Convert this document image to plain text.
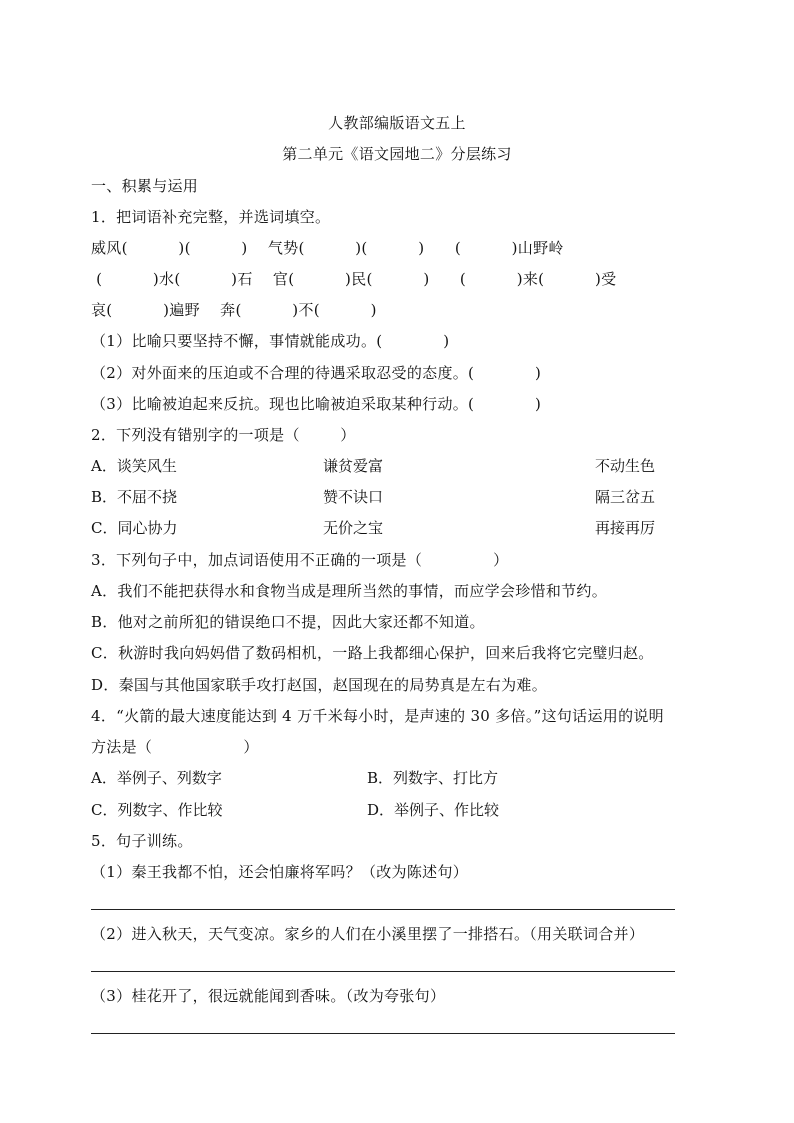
人教部编版语文五上
第二单元《语文园地二》分层练习
一、积累与运用
1．把词语补充完整，并选词填空。
威风(          )(          )    气势(          )(          )      (          )山野岭
(          )水(          )石    官(          )民(          )      (          )来(          )受
哀(          )遍野    奔(          )不(          )
（1）比喻只要坚持不懈，事情就能成功。(            )
（2）对外面来的压迫或不合理的待遇采取忍受的态度。(            )
（3）比喻被迫起来反抗。现也比喻被迫采取某种行动。(            )
2．下列没有错别字的一项是（        ）
A．谈笑风生	谦贫爱富	不动生色
B．不屈不挠	赞不诀口	隔三岔五
C．同心协力	无价之宝	再接再厉
3．下列句子中，加点词语使用不正确的一项是（              ）
A．我们不能把获得水和食物当成是理所当然的事情，而应学会珍惜和节约。
B．他对之前所犯的错误绝口不提，因此大家还都不知道。
C．秋游时我向妈妈借了数码相机，一路上我都细心保护，回来后我将它完璧归赵。
D．秦国与其他国家联手攻打赵国，赵国现在的局势真是左右为难。
4．“火箭的最大速度能达到 4 万千米每小时，是声速的 30 多倍。”这句话运用的说明
方法是（                  ）
A．举例子、列数字	B．列数字、打比方
C．列数字、作比较	D．举例子、作比较
5．句子训练。
（1）秦王我都不怕，还会怕廉将军吗？（改为陈述句）
（2）进入秋天，天气变凉。家乡的人们在小溪里摆了一排搭石。（用关联词合并）
（3）桂花开了，很远就能闻到香味。（改为夸张句）
